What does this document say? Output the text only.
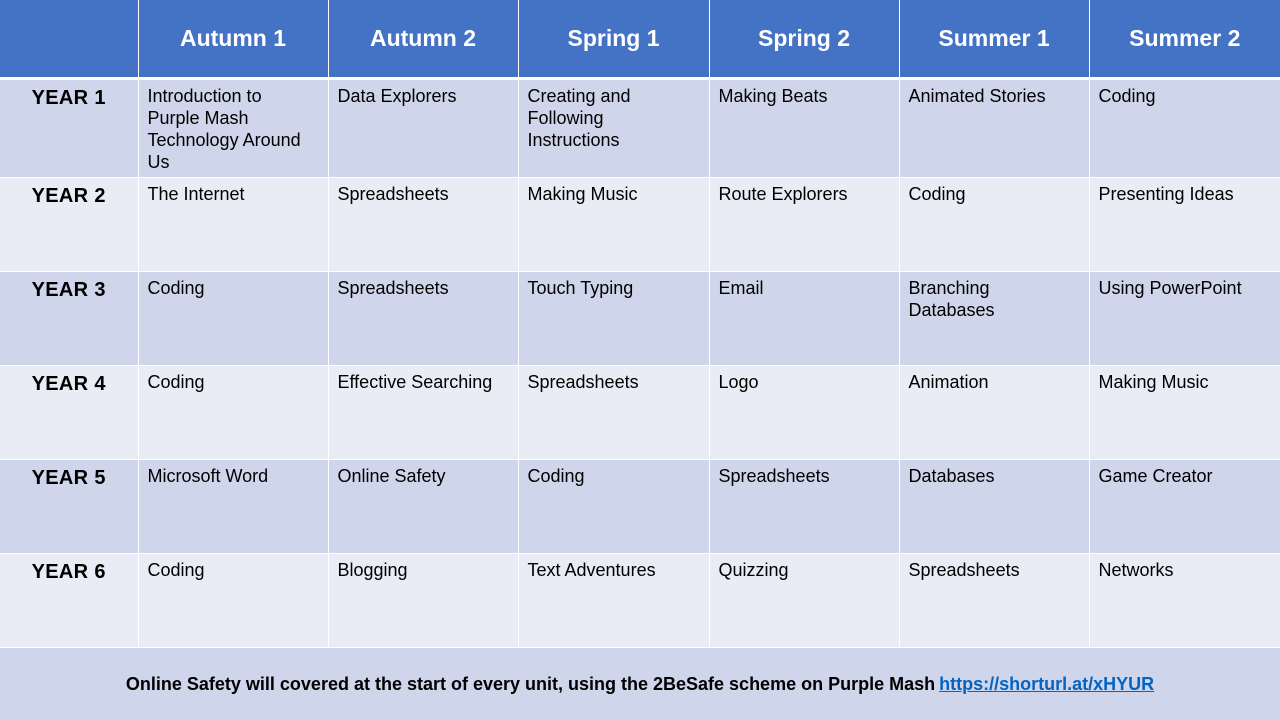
	Autumn 1	Autumn 2	Spring 1	Spring 2	Summer 1	Summer 2
YEAR 1	Introduction to Purple Mash Technology Around Us	Data Explorers	Creating and Following Instructions	Making Beats	Animated Stories	Coding
YEAR 2	The Internet	Spreadsheets	Making Music	Route Explorers	Coding	Presenting Ideas
YEAR 3	Coding	Spreadsheets	Touch Typing	Email	Branching Databases	Using PowerPoint
YEAR 4	Coding	Effective Searching	Spreadsheets	Logo	Animation	Making Music
YEAR 5	Microsoft Word	Online Safety	Coding	Spreadsheets	Databases	Game Creator
YEAR 6	Coding	Blogging	Text Adventures	Quizzing	Spreadsheets	Networks
Online Safety will covered at the start of every unit, using the 2BeSafe scheme on Purple Mash https://shorturl.at/xHYUR
